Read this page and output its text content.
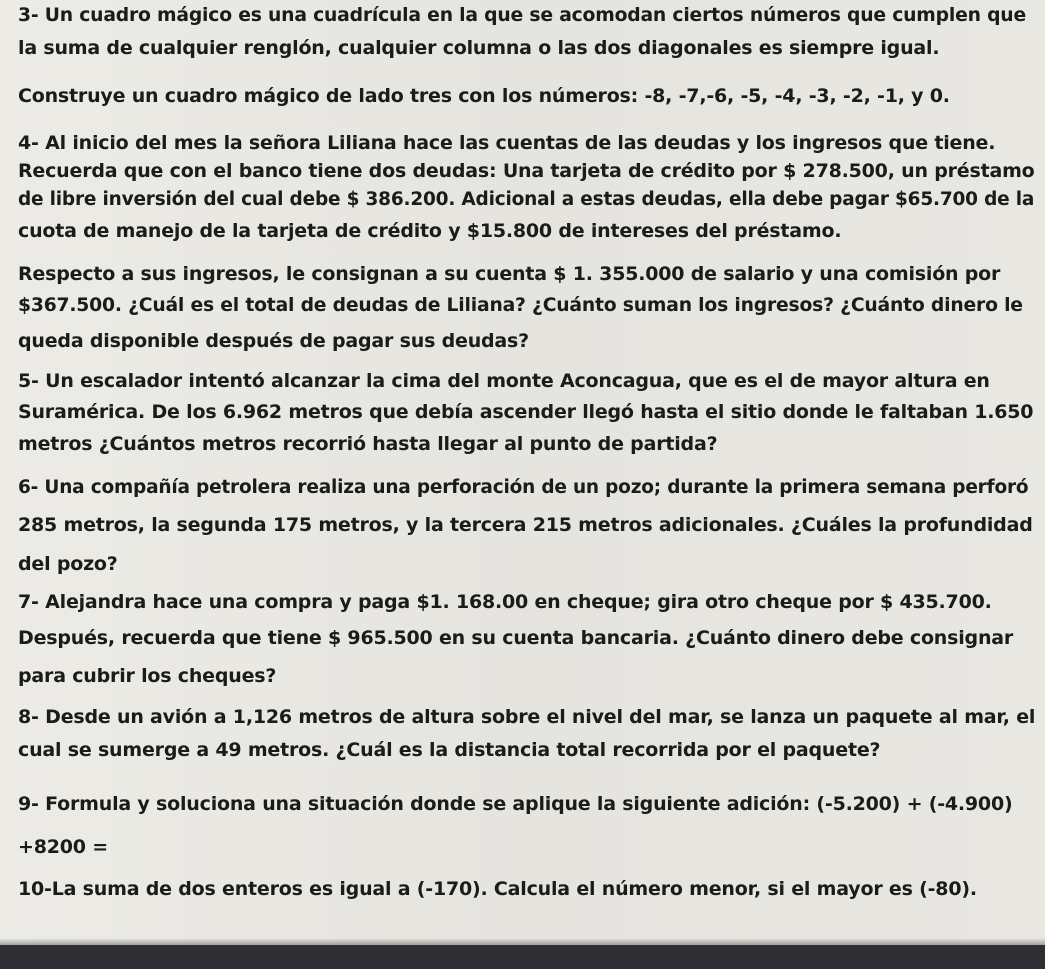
3- Un cuadro mágico es una cuadrícula en la que se acomodan ciertos números que cumplen que
la suma de cualquier renglón, cualquier columna o las dos diagonales es siempre igual.
Construye un cuadro mágico de lado tres con los números: -8, -7,-6, -5, -4, -3, -2, -1, y 0.
4- Al inicio del mes la señora Liliana hace las cuentas de las deudas y los ingresos que tiene.
Recuerda que con el banco tiene dos deudas: Una tarjeta de crédito por $ 278.500, un préstamo
de libre inversión del cual debe $ 386.200. Adicional a estas deudas, ella debe pagar $65.700 de la
cuota de manejo de la tarjeta de crédito y $15.800 de intereses del préstamo.
Respecto a sus ingresos, le consignan a su cuenta $ 1. 355.000 de salario y una comisión por
$367.500. ¿Cuál es el total de deudas de Liliana? ¿Cuánto suman los ingresos? ¿Cuánto dinero le
queda disponible después de pagar sus deudas?
5- Un escalador intentó alcanzar la cima del monte Aconcagua, que es el de mayor altura en
Suramérica. De los 6.962 metros que debía ascender llegó hasta el sitio donde le faltaban 1.650
metros ¿Cuántos metros recorrió hasta llegar al punto de partida?
6- Una compañía petrolera realiza una perforación de un pozo; durante la primera semana perforó
285 metros, la segunda 175 metros, y la tercera 215 metros adicionales. ¿Cuáles la profundidad
del pozo?
7- Alejandra hace una compra y paga $1. 168.00 en cheque; gira otro cheque por $ 435.700.
Después, recuerda que tiene $ 965.500 en su cuenta bancaria. ¿Cuánto dinero debe consignar
para cubrir los cheques?
8- Desde un avión a 1,126 metros de altura sobre el nivel del mar, se lanza un paquete al mar, el
cual se sumerge a 49 metros. ¿Cuál es la distancia total recorrida por el paquete?
9- Formula y soluciona una situación donde se aplique la siguiente adición: (-5.200) + (-4.900)
+8200 =
10-La suma de dos enteros es igual a (-170). Calcula el número menor, si el mayor es (-80).
